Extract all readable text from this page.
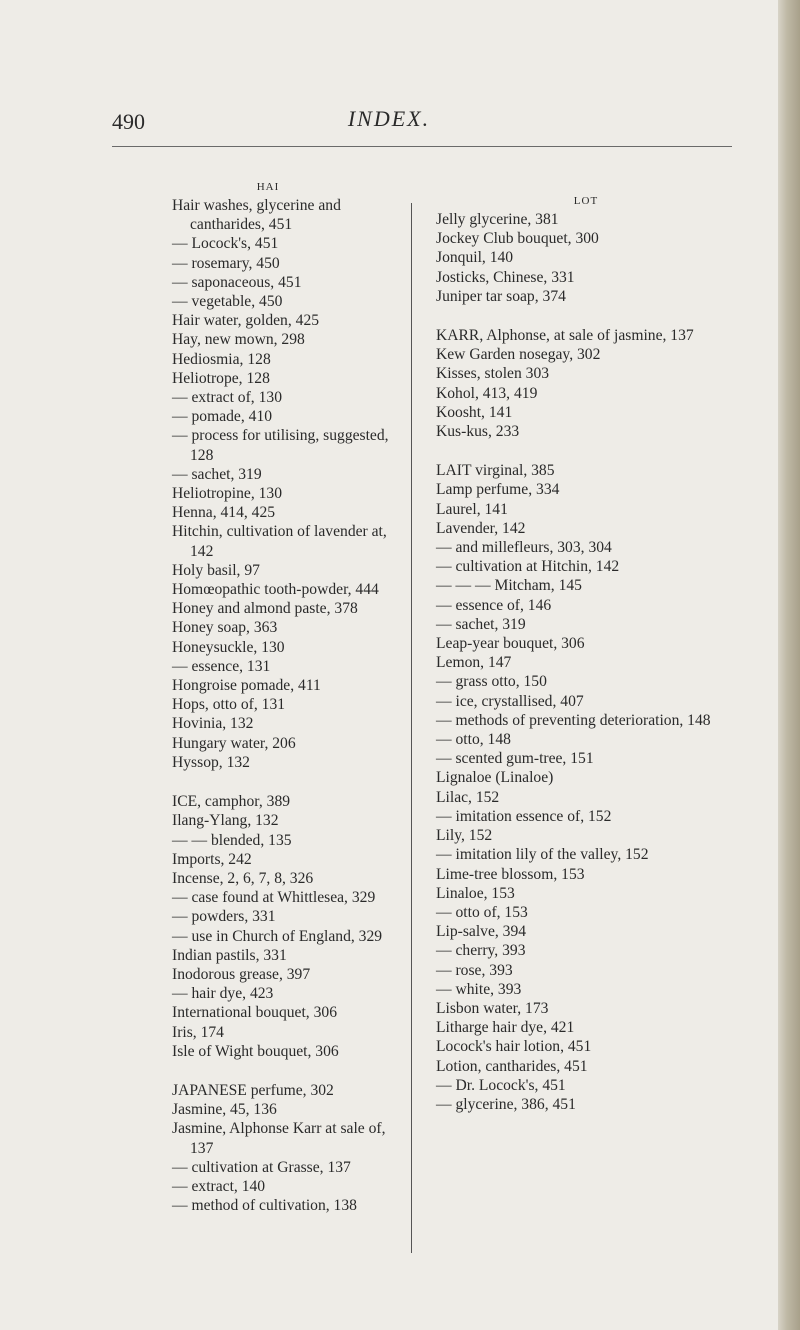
490	INDEX.
HAI
Hair washes, glycerine and cantharides, 451
— Locock's, 451
— rosemary, 450
— saponaceous, 451
— vegetable, 450
Hair water, golden, 425
Hay, new mown, 298
Hediosmia, 128
Heliotrope, 128
— extract of, 130
— pomade, 410
— process for utilising, suggested, 128
— sachet, 319
Heliotropine, 130
Henna, 414, 425
Hitchin, cultivation of lavender at, 142
Holy basil, 97
Homœopathic tooth-powder, 444
Honey and almond paste, 378
Honey soap, 363
Honeysuckle, 130
— essence, 131
Hongroise pomade, 411
Hops, otto of, 131
Hovinia, 132
Hungary water, 206
Hyssop, 132
ICE, camphor, 389
Ilang-Ylang, 132
— — blended, 135
Imports, 242
Incense, 2, 6, 7, 8, 326
— case found at Whittlesea, 329
— powders, 331
— use in Church of England, 329
Indian pastils, 331
Inodorous grease, 397
— hair dye, 423
International bouquet, 306
Iris, 174
Isle of Wight bouquet, 306
JAPANESE perfume, 302
Jasmine, 45, 136
Jasmine, Alphonse Karr at sale of, 137
— cultivation at Grasse, 137
— extract, 140
— method of cultivation, 138
LOT
Jelly glycerine, 381
Jockey Club bouquet, 300
Jonquil, 140
Josticks, Chinese, 331
Juniper tar soap, 374
KARR, Alphonse, at sale of jasmine, 137
Kew Garden nosegay, 302
Kisses, stolen 303
Kohol, 413, 419
Koosht, 141
Kus-kus, 233
LAIT virginal, 385
Lamp perfume, 334
Laurel, 141
Lavender, 142
— and millefleurs, 303, 304
— cultivation at Hitchin, 142
— — — Mitcham, 145
— essence of, 146
— sachet, 319
Leap-year bouquet, 306
Lemon, 147
— grass otto, 150
— ice, crystallised, 407
— methods of preventing deterioration, 148
— otto, 148
— scented gum-tree, 151
Lignaloe (Linaloe)
Lilac, 152
— imitation essence of, 152
Lily, 152
— imitation lily of the valley, 152
Lime-tree blossom, 153
Linaloe, 153
— otto of, 153
Lip-salve, 394
— cherry, 393
— rose, 393
— white, 393
Lisbon water, 173
Litharge hair dye, 421
Locock's hair lotion, 451
Lotion, cantharides, 451
— Dr. Locock's, 451
— glycerine, 386, 451
